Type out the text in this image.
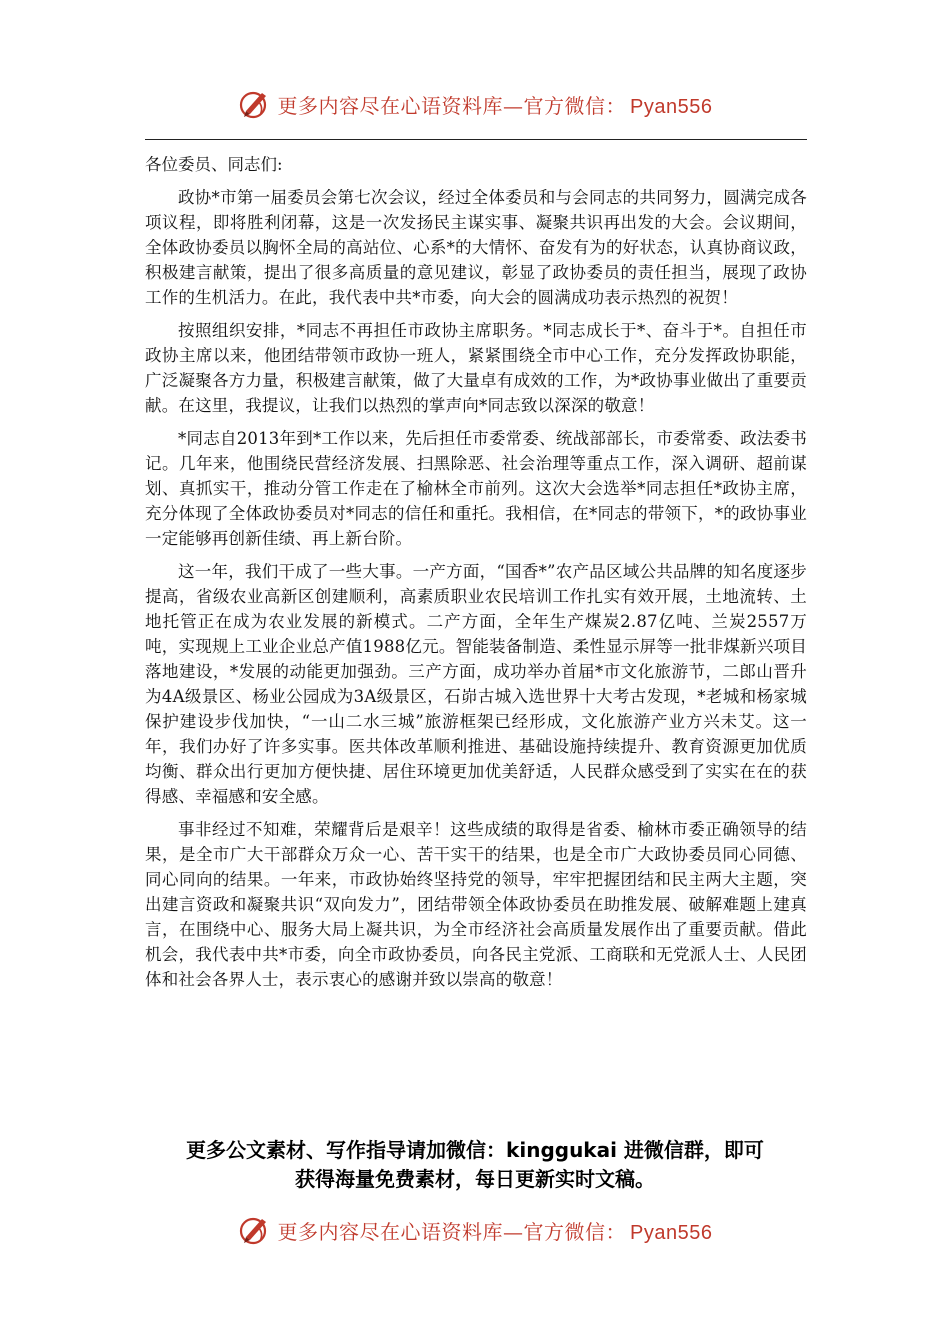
更多内容尽在心语资料库—官方微信： Pyan556

各位委员、同志们:

政协*市第一届委员会第七次会议，经过全体委员和与会同志的共同努力，圆满完成各项议程，即将胜利闭幕，这是一次发扬民主谋实事、凝聚共识再出发的大会。会议期间，全体政协委员以胸怀全局的高站位、心系*的大情怀、奋发有为的好状态，认真协商议政，积极建言献策，提出了很多高质量的意见建议，彰显了政协委员的责任担当，展现了政协工作的生机活力。在此，我代表中共*市委，向大会的圆满成功表示热烈的祝贺！

按照组织安排，*同志不再担任市政协主席职务。*同志成长于*、奋斗于*。自担任市政协主席以来，他团结带领市政协一班人，紧紧围绕全市中心工作，充分发挥政协职能，广泛凝聚各方力量，积极建言献策，做了大量卓有成效的工作，为*政协事业做出了重要贡献。在这里，我提议，让我们以热烈的掌声向*同志致以深深的敬意！

*同志自2013年到*工作以来，先后担任市委常委、统战部部长，市委常委、政法委书记。几年来，他围绕民营经济发展、扫黑除恶、社会治理等重点工作，深入调研、超前谋划、真抓实干，推动分管工作走在了榆林全市前列。这次大会选举*同志担任*政协主席，充分体现了全体政协委员对*同志的信任和重托。我相信，在*同志的带领下，*的政协事业一定能够再创新佳绩、再上新台阶。

这一年，我们干成了一些大事。一产方面，“国香*”农产品区域公共品牌的知名度逐步提高，省级农业高新区创建顺利，高素质职业农民培训工作扎实有效开展，土地流转、土地托管正在成为农业发展的新模式。二产方面，全年生产煤炭2.87亿吨、兰炭2557万吨，实现规上工业企业总产值1988亿元。智能装备制造、柔性显示屏等一批非煤新兴项目落地建设，*发展的动能更加强劲。三产方面，成功举办首届*市文化旅游节，二郎山晋升为4A级景区、杨业公园成为3A级景区，石峁古城入选世界十大考古发现，*老城和杨家城保护建设步伐加快，“一山二水三城”旅游框架已经形成，文化旅游产业方兴未艾。这一年，我们办好了许多实事。医共体改革顺利推进、基础设施持续提升、教育资源更加优质均衡、群众出行更加方便快捷、居住环境更加优美舒适，人民群众感受到了实实在在的获得感、幸福感和安全感。

事非经过不知难，荣耀背后是艰辛！这些成绩的取得是省委、榆林市委正确领导的结果，是全市广大干部群众万众一心、苦干实干的结果，也是全市广大政协委员同心同德、同心同向的结果。一年来，市政协始终坚持党的领导，牢牢把握团结和民主两大主题，突出建言资政和凝聚共识“双向发力”，团结带领全体政协委员在助推发展、破解难题上建真言，在围绕中心、服务大局上凝共识，为全市经济社会高质量发展作出了重要贡献。借此机会，我代表中共*市委，向全市政协委员，向各民主党派、工商联和无党派人士、人民团体和社会各界人士，表示衷心的感谢并致以崇高的敬意！

更多公文素材、写作指导请加微信：kinggukai 进微信群，即可
获得海量免费素材，每日更新实时文稿。
更多内容尽在心语资料库—官方微信： Pyan556
